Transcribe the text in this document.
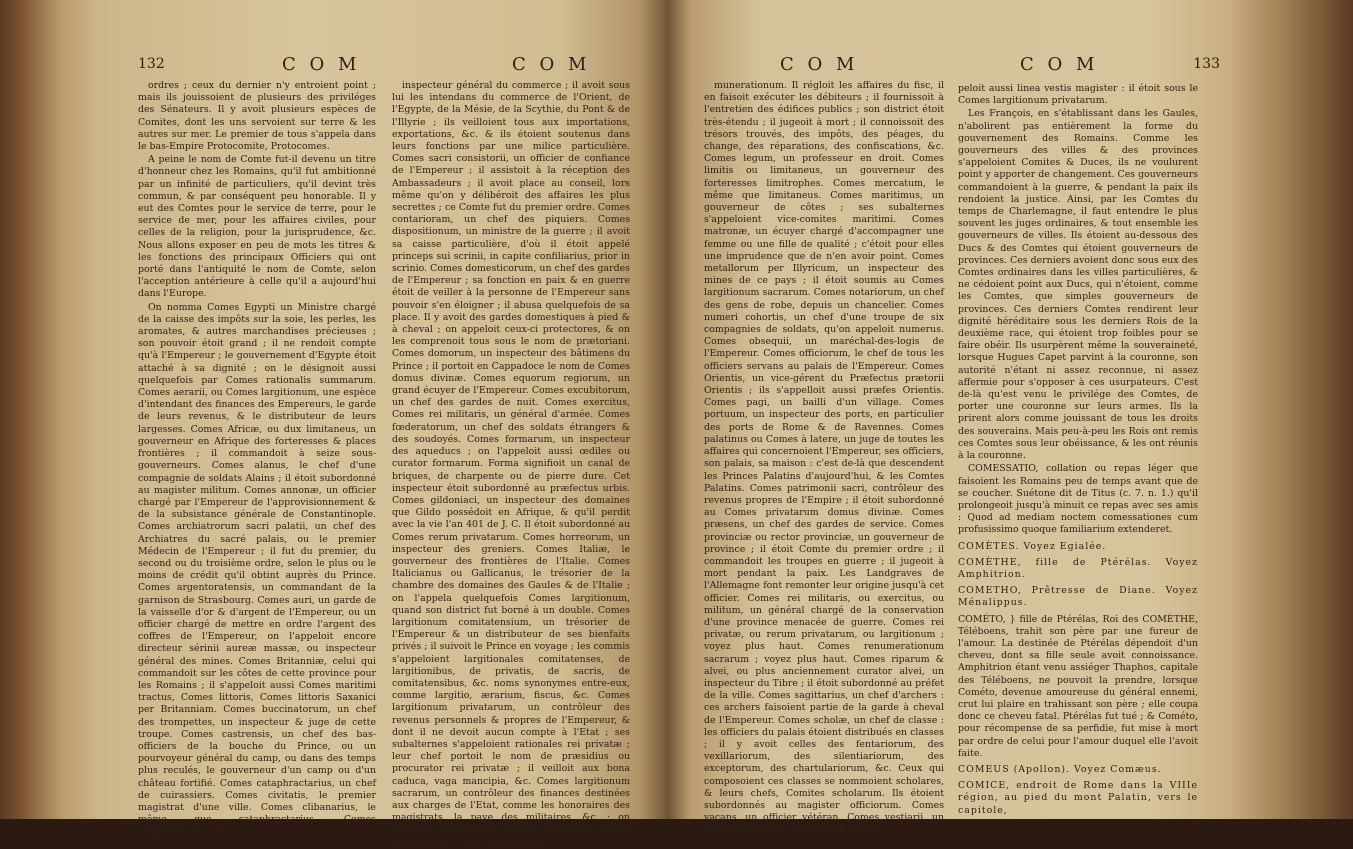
132	C O M	C O M

ordres ; ceux du dernier n'y entroient point ; mais ils jouissoient de plusieurs des priviléges des Sénateurs. Il y avoit plusieurs espèces de Comites, dont les uns servoient sur terre & les autres sur mer. Le premier de tous s'appela dans le bas-Empire Protocomite, Protocomes.

A peine le nom de Comte fut-il devenu un titre d'honneur chez les Romains, qu'il fut ambitionné par un infinité de particuliers, qu'il devint très commun, & par conséquent peu honorable. Il y eut des Comtes pour le service de terre, pour le service de mer, pour les affaires civiles, pour celles de la religion, pour la jurisprudence, &c. Nous allons exposer en peu de mots les titres & les fonctions des principaux Officiers qui ont porté dans l'antiquité le nom de Comte, selon l'acception antérieure à celle qu'il a aujourd'hui dans l'Europe.

On nomma Comes Egypti un Ministre chargé de la caisse des impôts sur la soie, les perles, les aromates, & autres marchandises précieuses ; son pouvoir étoit grand ; il ne rendoit compte qu'à l'Empereur ; le gouvernement d'Egypte étoit attaché à sa dignité ; on le désignoit aussi quelquefois par Comes rationalis summarum. Comes aerarii, ou Comes largitionum, une espèce d'intendant des finances des Empereurs, le garde de leurs revenus, & le distributeur de leurs largesses. Comes Africæ, ou dux limitaneus, un gouverneur en Afrique des forteresses & places frontières ; il commandoit à seize sous-gouverneurs. Comes alanus, le chef d'une compagnie de soldats Alains ; il étoit subordonné au magister militum. Comes annonæ, un officier chargé par l'Empereur de l'approvisionnement & de la subsistance générale de Constantinople. Comes archiatrorum sacri palatii, un chef des Archiatres du sacré palais, ou le premier Médecin de l'Empereur ; il fut du premier, du second ou du troisième ordre, selon le plus ou le moins de crédit qu'il obtint auprès du Prince. Comes argentoratensis, un commandant de la garnison de Strasbourg. Comes auri, un garde de la vaisselle d'or & d'argent de l'Empereur, ou un officier chargé de mettre en ordre l'argent des coffres de l'Empereur, on l'appeloit encore directeur sérinii aureæ massæ, ou inspecteur général des mines. Comes Britanniæ, celui qui commandoit sur les côtes de cette province pour les Romains ; il s'appeloit aussi Comes maritimi tractus, Comes littoris, Comes littoris Saxanici per Britanniam. Comes buccinatorum, un chef des trompettes, un inspecteur & juge de cette troupe. Comes castrensis, un chef des bas-officiers de la bouche du Prince, ou un pourvoyeur général du camp, ou dans des temps plus reculés, le gouverneur d'un camp ou d'un château fortifié. Comes cataphractarius, un chef de cuirassiers. Comes civitatis, le premier magistrat d'une ville. Comes clibanarius, le même que cataphractarius. Comes commerciorum, un

inspecteur général du commerce ; il avoit sous lui les intendans du commerce de l'Orient, de l'Egypte, de la Mésie, de la Scythie, du Pont & de l'Illyrie ; ils veilloient tous aux importations, exportations, &c. & ils étoient soutenus dans leurs fonctions par une milice particulière. Comes sacri consistorii, un officier de confiance de l'Empereur ; il assistoit à la réception des Ambassadeurs ; il avoit place au conseil, lors même qu'on y délibéroit des affaires les plus secrettes ; ce Comte fut du premier ordre. Comes contarioram, un chef des piquiers. Comes dispositionum, un ministre de la guerre ; il avoit sa caisse particulière, d'où il étoit appelé princeps sui scrinii, in capite confiliarius, prior in scrinio. Comes domesticorum, un chef des gardes de l'Empereur ; sa fonction en paix & en guerre étoit de veiller à la personne de l'Empereur sans pouvoir s'en éloigner ; il abusa quelquefois de sa place. Il y avoit des gardes domestiques à pied & à cheval ; on appeloit ceux-ci protectores, & on les comprenoit tous sous le nom de prætoriani. Comes domorum, un inspecteur des bâtimens du Prince ; il portoit en Cappadoce le nom de Comes domus divinæ. Comes equorum regiorum, un grand écuyer de l'Empereur. Comes excubitorum, un chef des gardes de nuit. Comes exercitus, Comes rei militaris, un général d'armée. Comes fœderatorum, un chef des soldats étrangers & des soudoyés. Comes formarum, un inspecteur des aqueducs ; on l'appeloit aussi œdiles ou curator formarum. Forma signifioit un canal de briques, de charpente ou de pierre dure. Cet inspecteur étoit subordonné au præfectus urbis. Comes gildoniaci, un inspecteur des domaines que Gildo possédoit en Afrique, & qu'il perdit avec la vie l'an 401 de J. C. Il étoit subordonné au Comes rerum privatarum. Comes horreorum, un inspecteur des greniers. Comes Italiæ, le gouverneur des frontières de l'Italie. Comes Italicianus ou Gallicanus, le trésorier de la chambre des domaines des Gaules & de l'Italie ; on l'appela quelquefois Comes largitionum, quand son district fut borné à un double. Comes largitionum comitatensium, un trésorier de l'Empereur & un distributeur de ses bienfaits privés ; il suivoit le Prince en voyage ; les commis s'appeloient largitionales comitatenses, de largitionibus, de privatis, de sacris, de comitatensibus, &c. noms synonymes entre-eux, comme largitio, ærarium, fiscus, &c. Comes largitionum privatarum, un contrôleur des revenus personnels & propres de l'Empereur, & dont il ne devoit aucun compte à l'Etat ; ses subalternes s'appeloient rationales rei privatæ ; leur chef portoit le nom de præsidius ou procurator rei privatæ ; il veilloit aux bona caduca, vaga mancipia, &c. Comes largitionum sacrarum, un contrôleur des finances destinées aux charges de l'Etat, comme les honoraires des magistrats, la paye des militaires, &c. ; on l'appeloit quelquefois Comes sacrarum, Comes largitionum, Comes sacrarum re-

C O M	C O M	133

munerationum. Il régloit les affaires du fisc, il en faisoit exécuter les débiteurs ; il fournissoit à l'entretien des édifices publics ; son district étoit très-étendu ; il jugeoit à mort ; il connoissoit des trésors trouvés, des impôts, des péages, du change, des réparations, des confiscations, &c. Comes legum, un professeur en droit. Comes limitis ou limitaneus, un gouverneur des forteresses limitrophes. Comes mercatum, le même que limitaneus. Comes maritimus, un gouverneur de côtes ; ses subalternes s'appeloient vice-comites maritimi. Comes matronæ, un écuyer chargé d'accompagner une femme ou une fille de qualité ; c'étoit pour elles une imprudence que de n'en avoir point. Comes metallorum per Illyricum, un inspecteur des mines de ce pays ; il étoit soumis au Comes largitionum sacrarum. Comes notariorum, un chef des gens de robe, depuis un chancelier. Comes numeri cohortis, un chef d'une troupe de six compagnies de soldats, qu'on appeloit numerus. Comes obsequii, un maréchal-des-logis de l'Empereur. Comes officiorum, le chef de tous les officiers servans au palais de l'Empereur. Comes Orientis, un vice-gérent du Præfectus prætorii Orientis ; ils s'appelloit aussi præfes Orientis. Comes pagi, un bailli d'un village. Comes portuum, un inspecteur des ports, en particulier des ports de Rome & de Ravennes. Comes palatinus ou Comes à latere, un juge de toutes les affaires qui concernoient l'Empereur, ses officiers, son palais, sa maison : c'est de-là que descendent les Princes Palatins d'aujourd'hui, & les Comtes Palatins. Comes patrimonii sacri, contrôleur des revenus propres de l'Empire ; il étoit subordonné au Comes privatarum domus divinæ. Comes præsens, un chef des gardes de service. Comes provinciæ ou rector provinciæ, un gouverneur de province ; il étoit Comte du premier ordre ; il commandoit les troupes en guerre ; il jugeoit à mort pendant la paix. Les Landgraves de l'Allemagne font remonter leur origine jusqu'à cet officier. Comes rei militaris, ou exercitus, ou militum, un général chargé de la conservation d'une province menacée de guerre. Comes rei privatæ, ou rerum privatarum, ou largitionum ; voyez plus haut. Comes renumerationum sacrarum ; voyez plus haut. Comes riparum & alvei, ou plus anciennement curator alvei, un inspecteur du Tibre ; il étoit subordonné au préfet de la ville. Comes sagittarius, un chef d'archers : ces archers faisoient partie de la garde à cheval de l'Empereur. Comes scholæ, un chef de classe : les officiers du palais étoient distribués en classes ; il y avoit celles des fentariorum, des vexillariorum, des silentiariorum, des exceptorum, des chartulariorum, &c. Ceux qui composoient ces classes se nommoient scholares, & leurs chefs, Comites scholarum. Ils étoient subordonnés au magister officiorum. Comes vacans, un officier vétéran. Comes vestiarii, un garde du linge de l'Empereur ; il s'ap-

peloit aussi linea vestis magister : il étoit sous le Comes largitionum privatarum.

Les François, en s'établissant dans les Gaules, n'abolirent pas entièrement la forme du gouvernement des Romains. Comme les gouverneurs des villes & des provinces s'appeloient Comites & Duces, ils ne voulurent point y apporter de changement. Ces gouverneurs commandoient à la guerre, & pendant la paix ils rendoient la justice. Ainsi, par les Comtes du temps de Charlemagne, il faut entendre le plus souvent les juges ordinaires, & tout ensemble les gouverneurs de villes. Ils étoient au-dessous des Ducs & des Comtes qui étoient gouverneurs de provinces. Ces derniers avoient donc sous eux des Comtes ordinaires dans les villes particulières, & ne cédoient point aux Ducs, qui n'étoient, comme les Comtes, que simples gouverneurs de provinces. Ces derniers Comtes rendirent leur dignité héréditaire sous les derniers Rois de la deuxième race, qui étoient trop foibles pour se faire obéir. Ils usurpèrent même la souveraineté, lorsque Hugues Capet parvint à la couronne, son autorité n'étant ni assez reconnue, ni assez affermie pour s'opposer à ces usurpateurs. C'est de-là qu'est venu le privilége des Comtes, de porter une couronne sur leurs armes. Ils la prirent alors comme jouissant de tous les droits des souverains. Mais peu-à-peu les Rois ont remis ces Comtes sous leur obéissance, & les ont réunis à la couronne.

COMESSATIO, collation ou repas léger que faisoient les Romains peu de temps avant que de se coucher. Suétone dit de Titus (c. 7. n. 1.) qu'il prolongeoit jusqu'à minuit ce repas avec ses amis : Quod ad mediam noctem comessationes cum profusissimo quoque familiarium extenderet.

COMÈTES. Voyez Egialée.

COMÈTHE, fille de Ptérélas. Voyez Amphitrion.

COMETHO, Prêtresse de Diane. Voyez Ménalippus.

COMÉTO, } fille de Ptérélas, Roi des COMÈTHE, Téléboens, trahit son père par une fureur de l'amour. La destinée de Ptérélas dépendoit d'un cheveu, dont sa fille seule avoit connoissance. Amphitrion étant venu assiéger Thaphos, capitale des Téléboens, ne pouvoit la prendre, lorsque Cométo, devenue amoureuse du général ennemi, crut lui plaire en trahissant son père ; elle coupa donc ce cheveu fatal. Ptérélas fut tué ; & Cométo, pour récompense de sa perfidie, fut mise à mort par ordre de celui pour l'amour duquel elle l'avoit faite.

COMEUS (Apollon). Voyez Comæus.

COMICE, endroit de Rome dans la VIIIe région, au pied du mont Palatin, vers le capitole,
